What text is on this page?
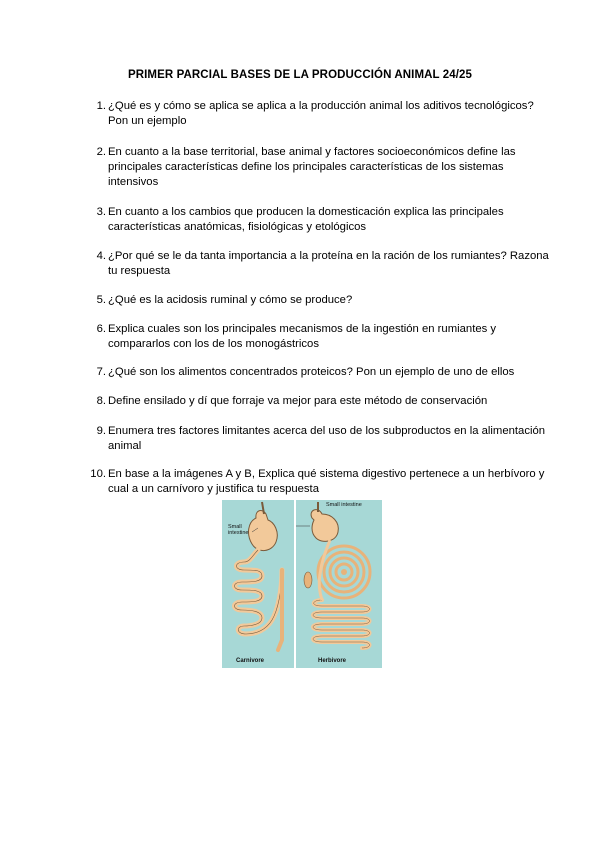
PRIMER PARCIAL BASES DE LA PRODUCCIÓN ANIMAL 24/25
1. ¿Qué es y cómo se aplica se aplica a la producción animal los aditivos tecnológicos? Pon un ejemplo
2. En cuanto a la base territorial, base animal y factores socioeconómicos define las principales características define los principales características de los sistemas intensivos
3. En cuanto a los cambios que producen la domesticación explica las principales características anatómicas, fisiológicas y etológicos
4. ¿Por qué se le da tanta importancia a la proteína en la ración de los rumiantes? Razona tu respuesta
5. ¿Qué es la acidosis ruminal y cómo se produce?
6. Explica cuales son los principales mecanismos de la ingestión en rumiantes y compararlos con los de los monogástricos
7. ¿Qué son los alimentos concentrados proteicos? Pon un ejemplo de uno de ellos
8. Define ensilado y dí que forraje va mejor para este método de conservación
9. Enumera tres factores limitantes acerca del uso de los subproductos en la alimentación animal
10. En base a la imágenes A y B, Explica qué sistema digestivo pertenece a un herbívoro y cual a un carnívoro y justifica tu respuesta
Small intestine
Small intestine
Carnivore	Herbivore
